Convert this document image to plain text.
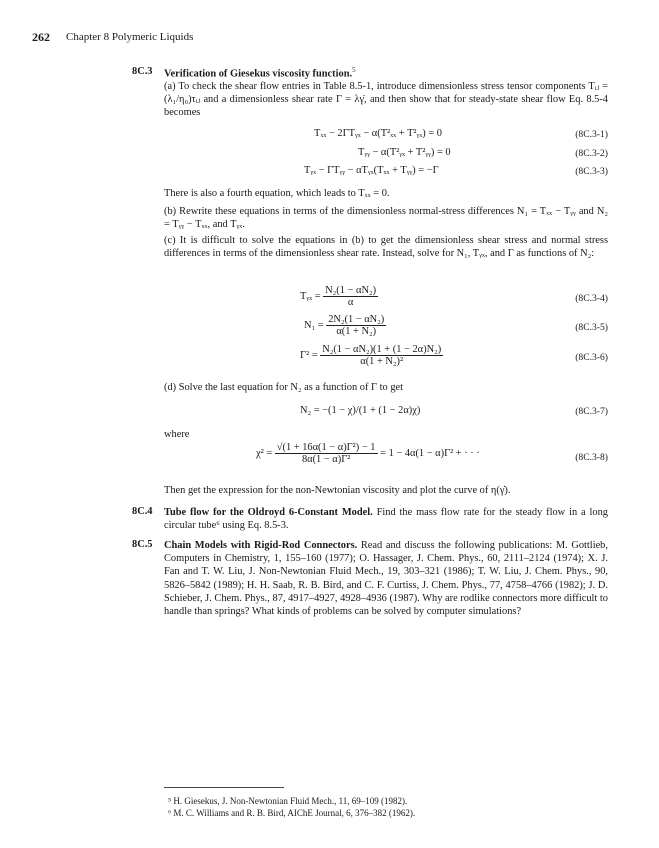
262 Chapter 8 Polymeric Liquids
8C.3 Verification of Giesekus viscosity function.$^5$
(a) To check the shear flow entries in Table 8.5-1, introduce dimensionless stress tensor components Tᵢⱼ = (λ₁/η₀)τᵢⱼ and a dimensionless shear rate Γ = λγ̇, and then show that for steady-state shear flow Eq. 8.5-4 becomes
Tₓₓ − 2ΓTᵧₓ − α(T²ₓₓ + T²ᵧₓ) = 0	(8C.3-1)
Tᵧᵧ − α(T²ᵧₓ + T²ᵧᵧ) = 0	(8C.3-2)
Tᵧₓ − ΓTᵧᵧ − αTᵧₓ(Tₓₓ + Tᵧᵧ) = −Γ	(8C.3-3)
There is also a fourth equation, which leads to Tₓₓ = 0.
(b) Rewrite these equations in terms of the dimensionless normal-stress differences N₁ = Tₓₓ − Tᵧᵧ and N₂ = Tᵧᵧ − Tₓₓ, and Tᵧₓ.
(c) It is difficult to solve the equations in (b) to get the dimensionless shear stress and normal stress differences in terms of the dimensionless shear rate. Instead, solve for N₁, Tᵧₓ, and Γ as functions of N₂:
Tᵧₓ = $\frac{\text{N₂(1 − αN₂)}}{\alpha}$	(8C.3-4)
$N_1 = \frac{\text{2N₂(1 − αN₂)}}{\text{α(1 + N₂)}}$	(8C.3-5)
$\Gamma^2 = \frac{\text{N₂(1 − αN₂)(1 + (1 − 2α)N₂)}}{\text{α(1 + N₂)²}}$	(8C.3-6)
(d) Solve the last equation for N₂ as a function of Γ to get
N₂ = −(1 − χ)/(1 + (1 − 2α)χ)	(8C.3-7)
where
$\chi^2 = \frac{\text{√(1 + 16α(1 − α)Γ²) − 1}}{\text{8α(1 − α)Γ²}} = 1 - 4\alpha(1 - \alpha)\Gamma^2$ + · · ·	(8C.3-8)
Then get the expression for the non-Newtonian viscosity and plot the curve of η(γ̇).
8C.4 Tube flow for the Oldroyd 6-Constant Model. Find the mass flow rate for the steady flow in a long circular tube⁶ using Eq. 8.5-3.
8C.5 Chain Models with Rigid-Rod Connectors. Read and discuss the following publications: M. Gottlieb, Computers in Chemistry, 1, 155–160 (1977); O. Hassager, J. Chem. Phys., 60, 2111–2124 (1974); X. J. Fan and T. W. Liu, J. Non-Newtonian Fluid Mech., 19, 303–321 (1986); T. W. Liu, J. Chem. Phys., 90, 5826–5842 (1989); H. H. Saab, R. B. Bird, and C. F. Curtiss, J. Chem. Phys., 77, 4758–4766 (1982); J. D. Schieber, J. Chem. Phys., 87, 4917–4927, 4928–4936 (1987). Why are rodlike connectors more difficult to handle than springs? What kinds of problems can be solved by computer simulations?
⁵ H. Giesekus, J. Non-Newtonian Fluid Mech., 11, 69–109 (1982).
⁶ M. C. Williams and R. B. Bird, AIChE Journal, 6, 376–382 (1962).
